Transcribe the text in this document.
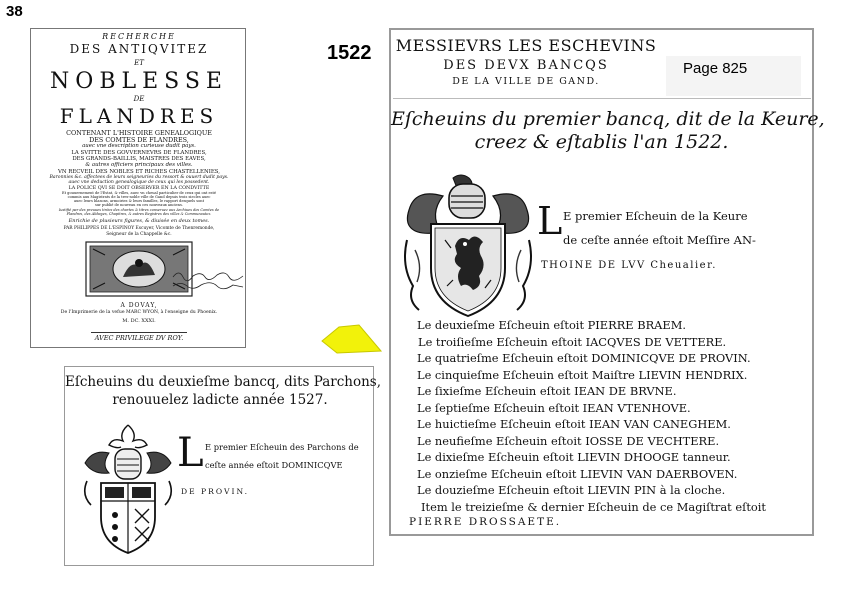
38
1522
RECHERCHE
DES ANTIQVITEZ
ET
NOBLESSE
DE
FLANDRES
CONTENANT L'HISTOIRE GENEALOGIQUE
DES COMTES DE FLANDRES,
auec vne description curieuse dudit pays.
LA SVITTE DES GOVVERNEVRS DE FLANDRES,
DES GRANDS-BAILLIS, MAISTRES DES EAVES,
& autres officiers principaux des villes.
VN RECVEIL DES NOBLES ET RICHES CHASTELLENIES,
Baronnies &c. affectees de leurs seigneuries du ressort & ouuert dudit pays.
auec vne deduction genealogique de ceux qui les possedent.
LA POLICE QVI SE DOIT OBSERVER EN LA CONDVITTE
Et gouuernement de l'Estat, & villes, auec vn cheual particulier de ceux qui ont esté
commis aux Magistrats de la tres-noble ville de Gand depuis trois siecles auec
auec leurs blasons, armoiries & leurs familles, le rapport desquels sont
sur publié de nouveau en ces nouveaux anciens.
Iustifié par des preuues tirées des chartes & titres conseruez aux Archiues des Comtes de
Flandres, des Abbayes, Chapitres, & autres Registres des villes & Communautez.
Enrichie de plusieurs figures, & diuisée en deux tomes.
PAR PHILIPPES DE L'ESPINOY Escuyer, Vicomte de Thenremonde,
Seigneur de la Chappelle &c.
A DOVAY,
De l'Imprimerie de la vefue MARC WYON, à l'enseigne du Phoenix.
M. DC. XXXI.
AVEC PRIVILEGE DV ROY.
Eſcheuins du deuxieſme bancq, dits Parchons,
renouuelez ladicte année 1527.
L E premier Eſcheuin des Parchons de
ceſte année eſtoit DOMINICQVE
DE PROVIN.
MESSIEVRS LES ESCHEVINS
DES DEVX BANCQS
DE LA VILLE DE GAND.
Page 825
Eſcheuins du premier bancq, dit de la Keure,
creez & eſtablis l'an 1522.
L E premier Eſcheuin de la Keure
de ceſte année eſtoit Meſſire AN-
THOINE DE LVV Cheualier.
Le deuxieſme Eſcheuin eſtoit PIERRE BRAEM.
Le troiſieſme Eſcheuin eſtoit IACQVES DE VETTERE.
Le quatrieſme Eſcheuin eſtoit DOMINICQVE DE PROVIN.
Le cinquieſme Eſcheuin eſtoit Maiſtre LIEVIN HENDRIX.
Le ſixieſme Eſcheuin eſtoit IEAN DE BRVNE.
Le ſeptieſme Eſcheuin eſtoit IEAN VTENHOVE.
Le huictieſme Eſcheuin eſtoit IEAN VAN CANEGHEM.
Le neufieſme Eſcheuin eſtoit IOSSE DE VECHTERE.
Le dixieſme Eſcheuin eſtoit LIEVIN DHOOGE tanneur.
Le onzieſme Eſcheuin eſtoit LIEVIN VAN DAERBOVEN.
Le douzieſme Eſcheuin eſtoit LIEVIN PIN à la cloche.
Item le treizieſme & dernier Eſcheuin de ce Magiſtrat eſtoit
PIERRE DROSSAETE.
